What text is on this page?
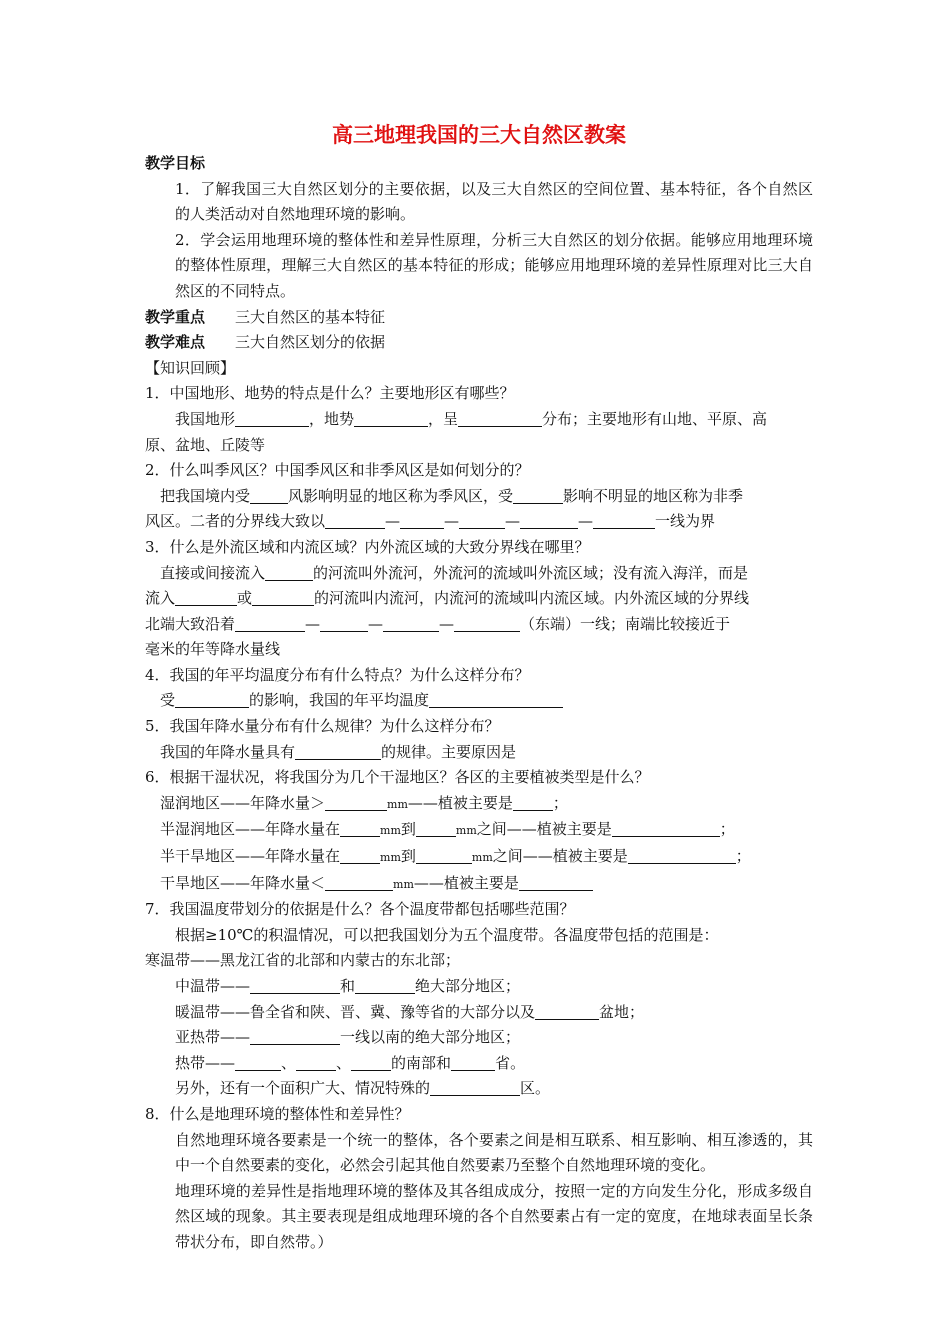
高三地理我国的三大自然区教案
教学目标
1．了解我国三大自然区划分的主要依据，以及三大自然区的空间位置、基本特征，各个自然区的人类活动对自然地理环境的影响。
2．学会运用地理环境的整体性和差异性原理，分析三大自然区的划分依据。能够应用地理环境的整体性原理，理解三大自然区的基本特征的形成；能够应用地理环境的差异性原理对比三大自然区的不同特点。
教学重点 三大自然区的基本特征
教学难点 三大自然区划分的依据
【知识回顾】
1．中国地形、地势的特点是什么？主要地形区有哪些？
我国地形	，地势	，呈	分布；主要地形有山地、平原、高
原、盆地、丘陵等
2．什么叫季风区？中国季风区和非季风区是如何划分的？
把我国境内受	风影响明显的地区称为季风区，受	影响不明显的地区称为非季
风区。二者的分界线大致以	—	—	—	—	一线为界
3．什么是外流区域和内流区域？内外流区域的大致分界线在哪里？
直接或间接流入	的河流叫外流河，外流河的流域叫外流区域；没有流入海洋，而是
流入	或	的河流叫内流河，内流河的流域叫内流区域。内外流区域的分界线
北端大致沿着	—	—	—	（东端）一线；南端比较接近于
毫米的年等降水量线
4．我国的年平均温度分布有什么特点？为什么这样分布？
受	的影响，我国的年平均温度
5．我国年降水量分布有什么规律？为什么这样分布？
我国的年降水量具有	的规律。主要原因是
6．根据干湿状况，将我国分为几个干湿地区？各区的主要植被类型是什么？
湿润地区——年降水量＞	mm——植被主要是	；
半湿润地区——年降水量在	mm到	mm之间——植被主要是	；
半干旱地区——年降水量在	mm到	mm之间——植被主要是	；
干旱地区——年降水量＜	mm——植被主要是
7．我国温度带划分的依据是什么？各个温度带都包括哪些范围？
根据≥10℃的积温情况，可以把我国划分为五个温度带。各温度带包括的范围是：
寒温带——黑龙江省的北部和内蒙古的东北部；
中温带——	和	绝大部分地区；
暖温带——鲁全省和陕、晋、冀、豫等省的大部分以及	盆地；
亚热带——	一线以南的绝大部分地区；
热带——	、	、	的南部和	省。
另外，还有一个面积广大、情况特殊的	区。
8．什么是地理环境的整体性和差异性？
自然地理环境各要素是一个统一的整体，各个要素之间是相互联系、相互影响、相互渗透的，其中一个自然要素的变化，必然会引起其他自然要素乃至整个自然地理环境的变化。
地理环境的差异性是指地理环境的整体及其各组成成分，按照一定的方向发生分化，形成多级自然区域的现象。其主要表现是组成地理环境的各个自然要素占有一定的宽度，在地球表面呈长条带状分布，即自然带。）
